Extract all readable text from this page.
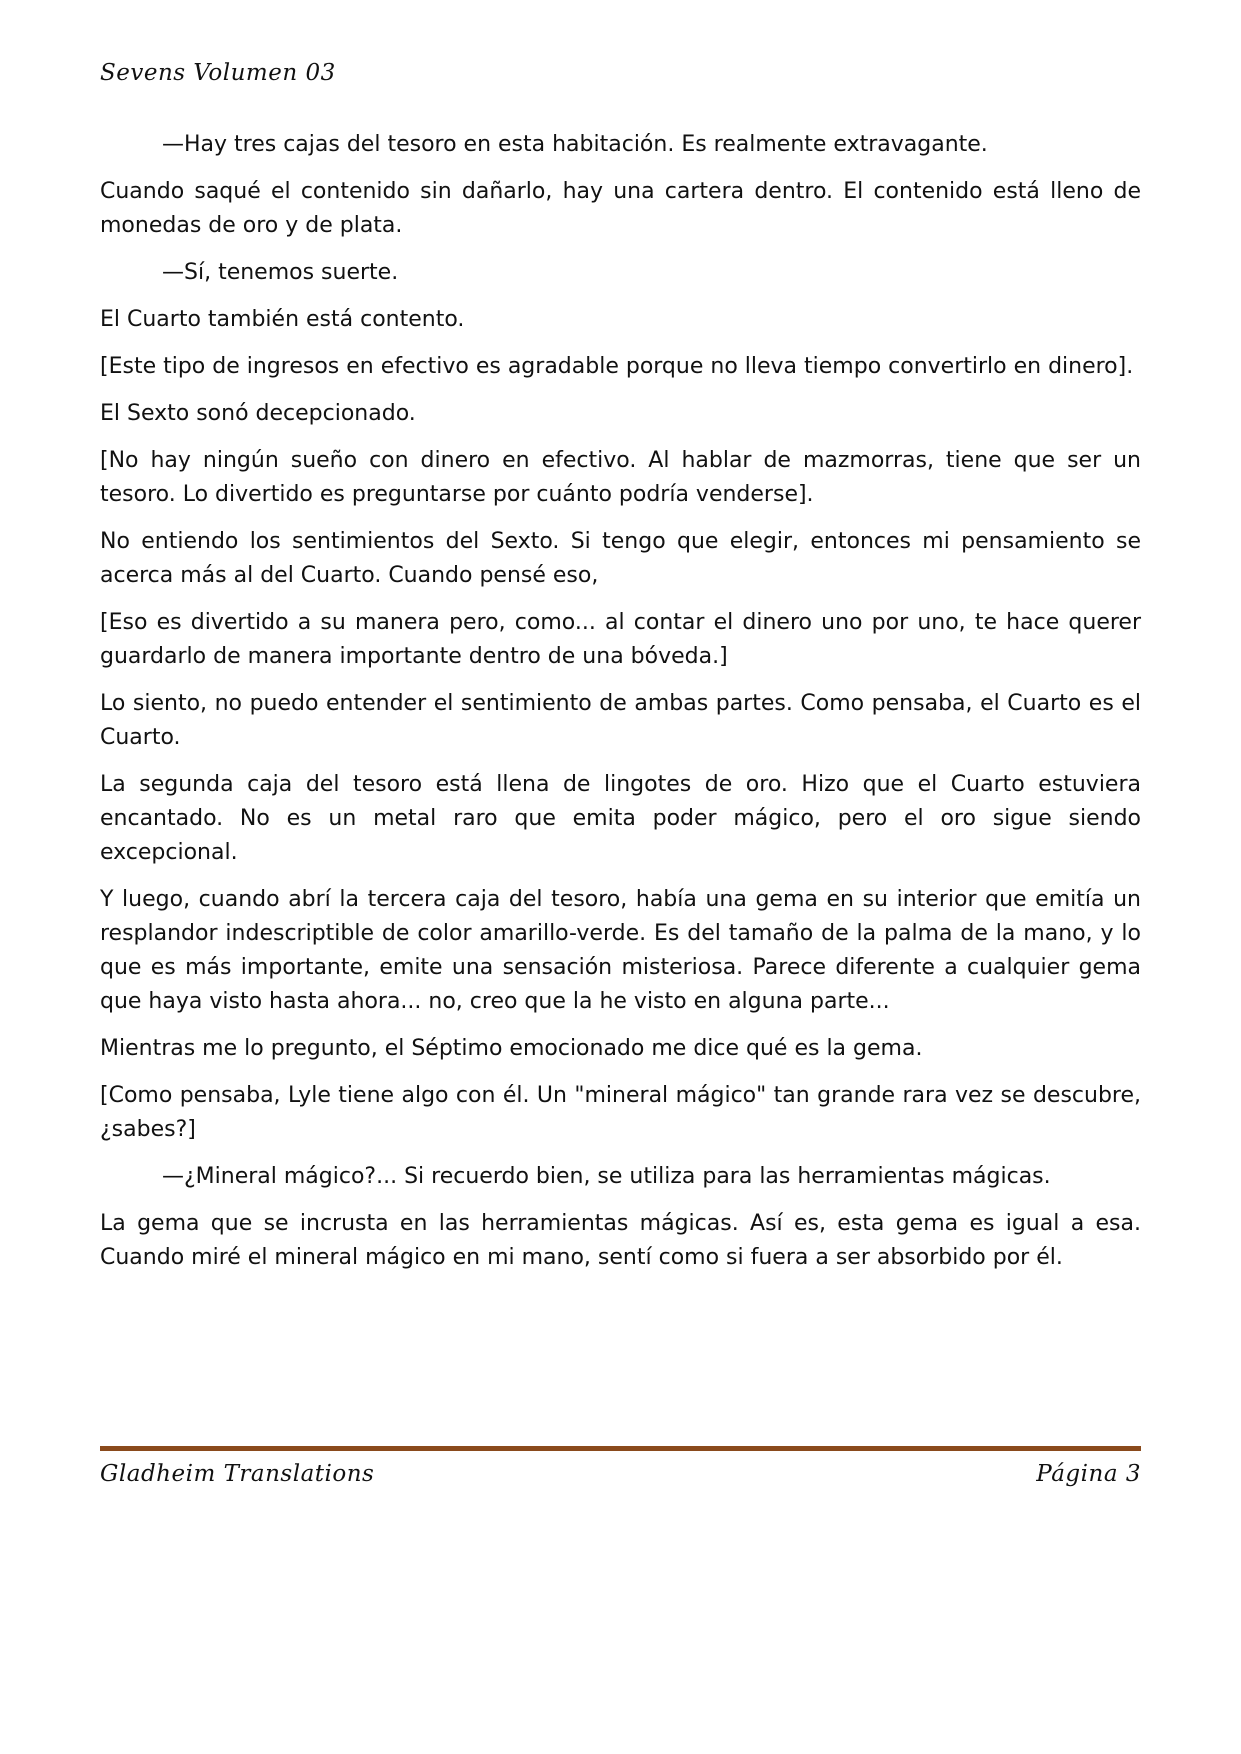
Sevens Volumen 03

—Hay tres cajas del tesoro en esta habitación. Es realmente extravagante.

Cuando saqué el contenido sin dañarlo, hay una cartera dentro. El contenido está lleno de monedas de oro y de plata.

—Sí, tenemos suerte.

El Cuarto también está contento.

[Este tipo de ingresos en efectivo es agradable porque no lleva tiempo convertirlo en dinero].

El Sexto sonó decepcionado.

[No hay ningún sueño con dinero en efectivo. Al hablar de mazmorras, tiene que ser un tesoro. Lo divertido es preguntarse por cuánto podría venderse].

No entiendo los sentimientos del Sexto. Si tengo que elegir, entonces mi pensamiento se acerca más al del Cuarto. Cuando pensé eso,

[Eso es divertido a su manera pero, como... al contar el dinero uno por uno, te hace querer guardarlo de manera importante dentro de una bóveda.]

Lo siento, no puedo entender el sentimiento de ambas partes. Como pensaba, el Cuarto es el Cuarto.

La segunda caja del tesoro está llena de lingotes de oro. Hizo que el Cuarto estuviera encantado. No es un metal raro que emita poder mágico, pero el oro sigue siendo excepcional.

Y luego, cuando abrí la tercera caja del tesoro, había una gema en su interior que emitía un resplandor indescriptible de color amarillo-verde. Es del tamaño de la palma de la mano, y lo que es más importante, emite una sensación misteriosa. Parece diferente a cualquier gema que haya visto hasta ahora... no, creo que la he visto en alguna parte...

Mientras me lo pregunto, el Séptimo emocionado me dice qué es la gema.

[Como pensaba, Lyle tiene algo con él. Un "mineral mágico" tan grande rara vez se descubre, ¿sabes?]

—¿Mineral mágico?... Si recuerdo bien, se utiliza para las herramientas mágicas.

La gema que se incrusta en las herramientas mágicas. Así es, esta gema es igual a esa. Cuando miré el mineral mágico en mi mano, sentí como si fuera a ser absorbido por él.

Gladheim Translations	Página 3
